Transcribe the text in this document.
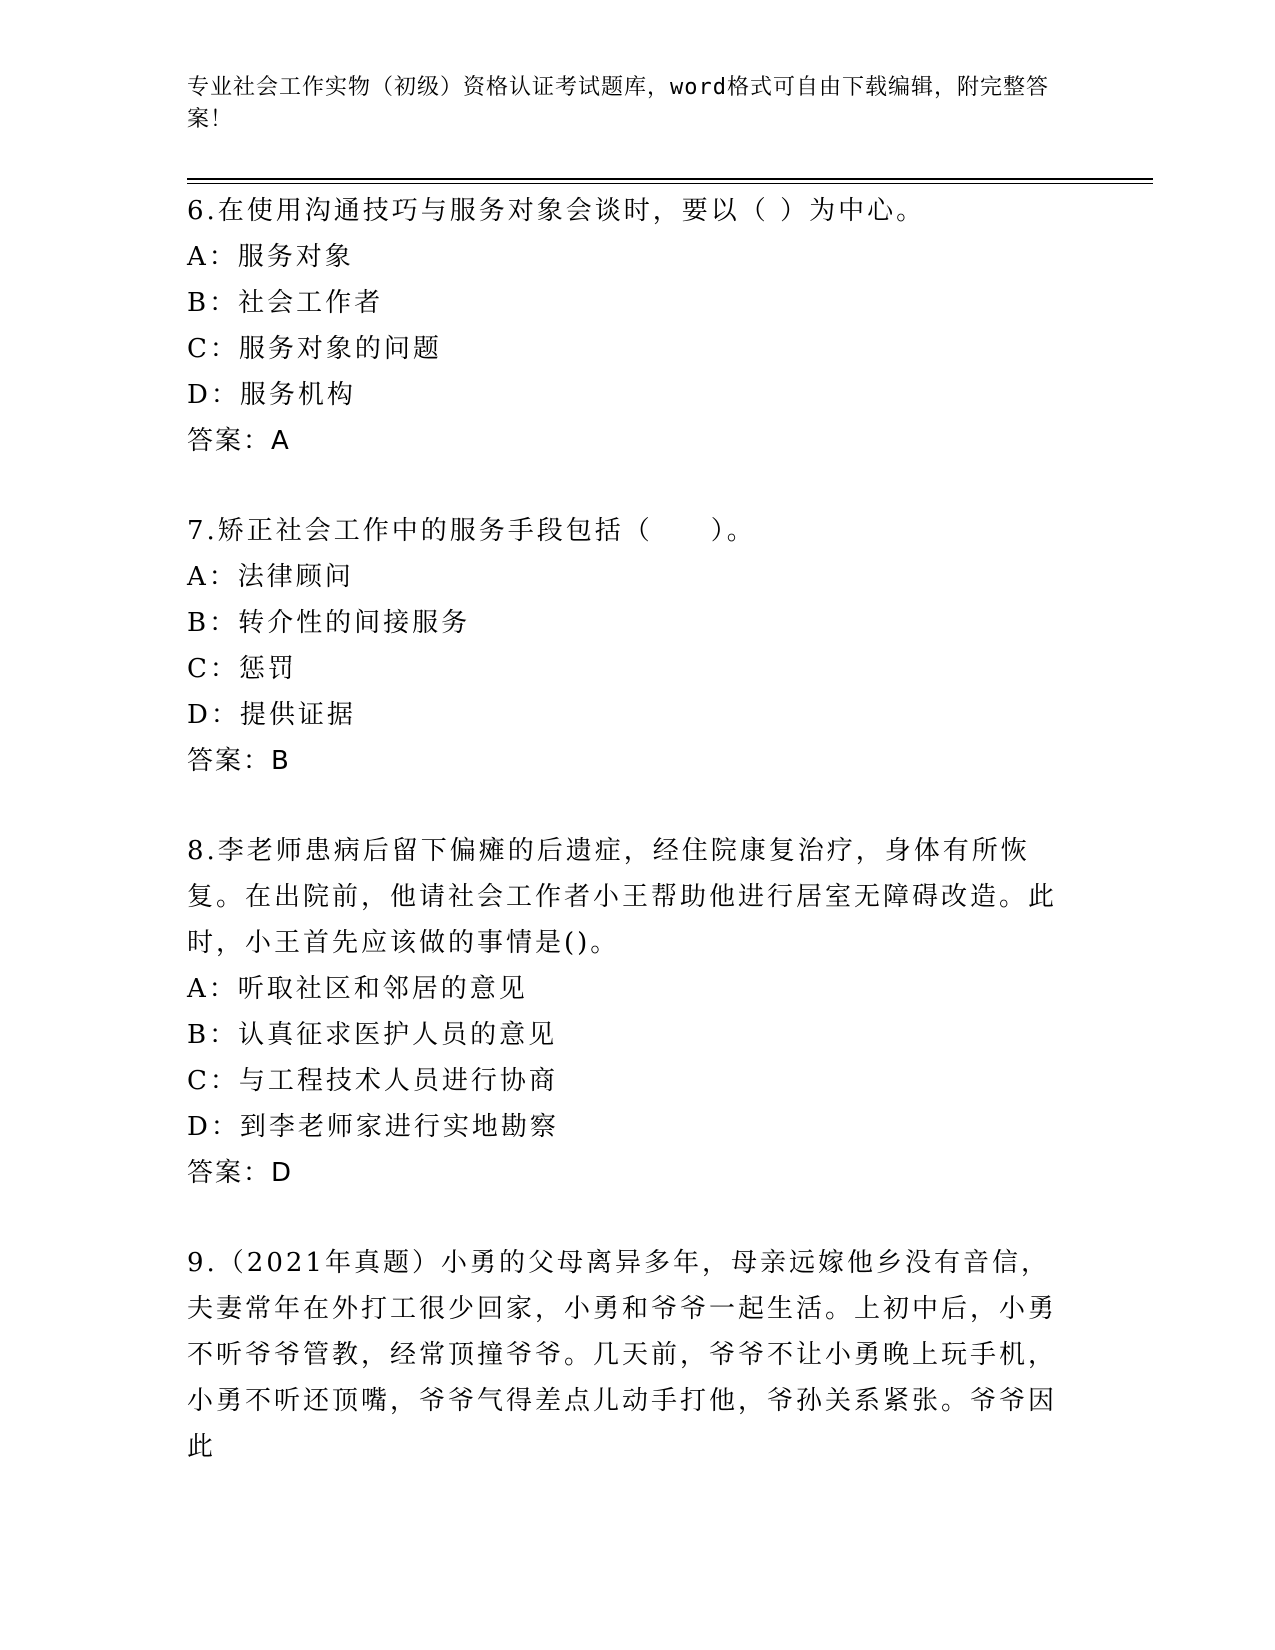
专业社会工作实物（初级）资格认证考试题库，word格式可自由下载编辑，附完整答案！
6.在使用沟通技巧与服务对象会谈时，要以（ ）为中心。
A：服务对象
B：社会工作者
C：服务对象的问题
D：服务机构
答案：A
7.矫正社会工作中的服务手段包括（　　）。
A：法律顾问
B：转介性的间接服务
C：惩罚
D：提供证据
答案：B
8.李老师患病后留下偏瘫的后遗症，经住院康复治疗，身体有所恢复。在出院前，他请社会工作者小王帮助他进行居室无障碍改造。此时，小王首先应该做的事情是()。
A：听取社区和邻居的意见
B：认真征求医护人员的意见
C：与工程技术人员进行协商
D：到李老师家进行实地勘察
答案：D
9.（2021年真题）小勇的父母离异多年，母亲远嫁他乡没有音信，夫妻常年在外打工很少回家，小勇和爷爷一起生活。上初中后，小勇不听爷爷管教，经常顶撞爷爷。几天前，爷爷不让小勇晚上玩手机，小勇不听还顶嘴，爷爷气得差点儿动手打他，爷孙关系紧张。爷爷因此
